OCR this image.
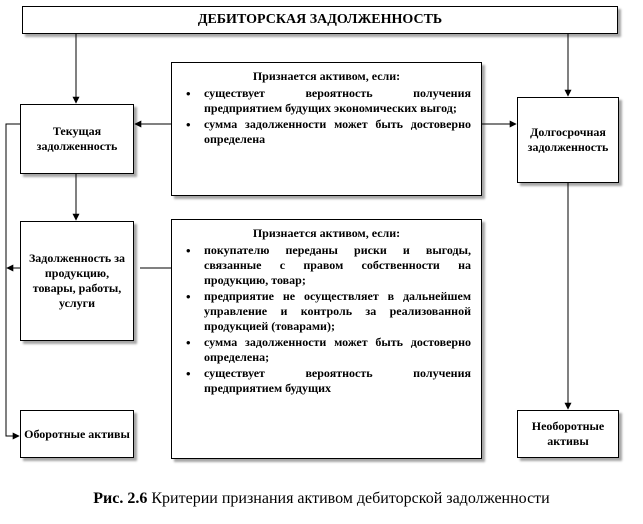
ДЕБИТОРСКАЯ ЗАДОЛЖЕННОСТЬ
Текущая задолженность
Долгосрочная задолженность
Задолженность за продукцию, товары, работы, услуги
Оборотные активы
Необоротные активы
Признается активом, если:
• существует вероятность получения предприятием будущих экономических выгод;
• сумма задолженности может быть достоверно определена
Признается активом, если:
• покупателю переданы риски и выгоды, связанные с правом собственности на продукцию, товар;
• предприятие не осуществляет в дальнейшем управление и контроль за реализованной продукцией (товарами);
• сумма задолженности может быть достоверно определена;
• существует вероятность получения предприятием будущих
Рис. 2.6 Критерии признания активом дебиторской задолженности
